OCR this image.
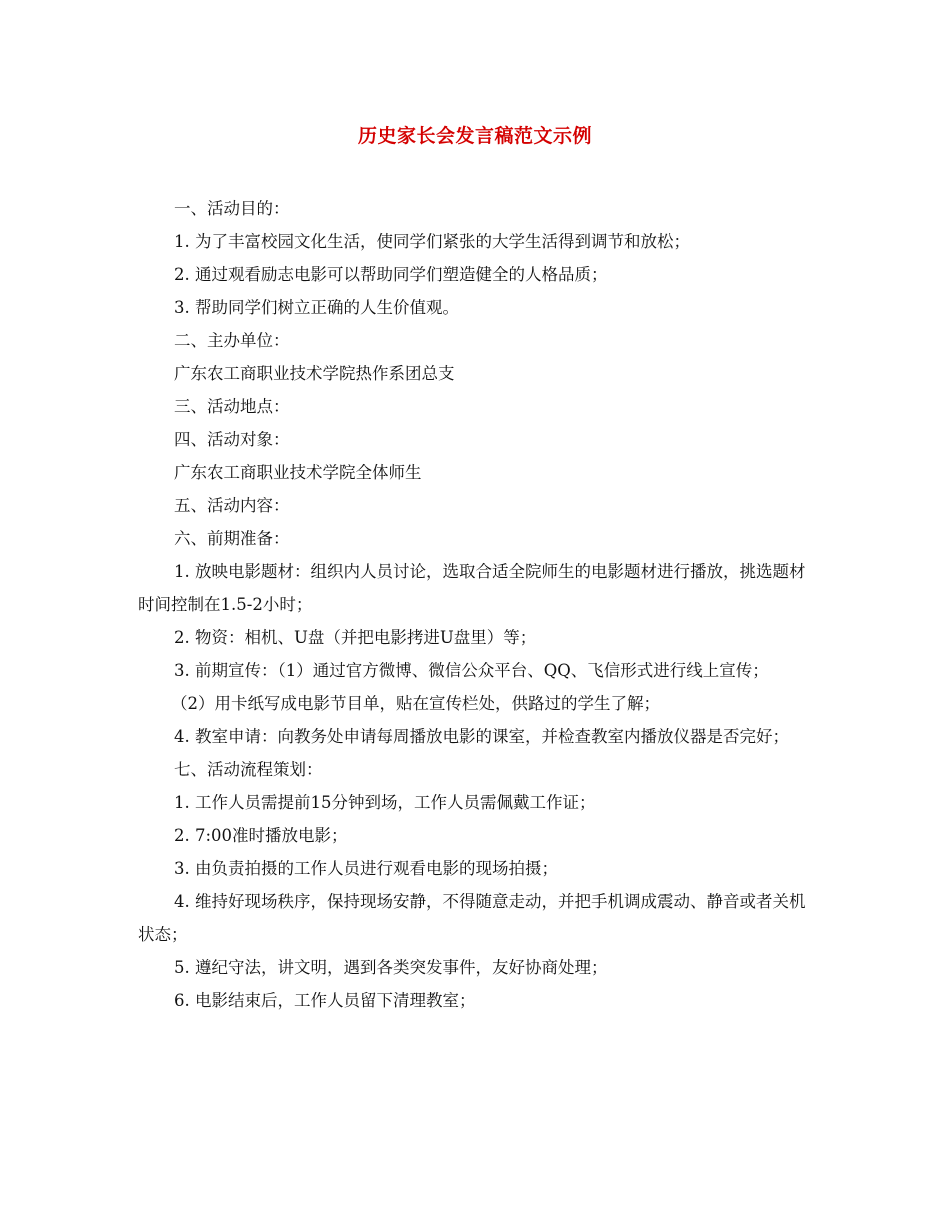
历史家长会发言稿范文示例

一、活动目的：

1. 为了丰富校园文化生活，使同学们紧张的大学生活得到调节和放松；

2. 通过观看励志电影可以帮助同学们塑造健全的人格品质；

3. 帮助同学们树立正确的人生价值观。

二、主办单位：

广东农工商职业技术学院热作系团总支

三、活动地点：

四、活动对象：

广东农工商职业技术学院全体师生

五、活动内容：

六、前期准备：

1. 放映电影题材：组织内人员讨论，选取合适全院师生的电影题材进行播放，挑选题材时间控制在1.5-2小时；

2. 物资：相机、U盘（并把电影拷进U盘里）等；

3. 前期宣传：（1）通过官方微博、微信公众平台、QQ、飞信形式进行线上宣传；

（2）用卡纸写成电影节目单，贴在宣传栏处，供路过的学生了解；

4. 教室申请：向教务处申请每周播放电影的课室，并检查教室内播放仪器是否完好；

七、活动流程策划：

1. 工作人员需提前15分钟到场，工作人员需佩戴工作证；

2. 7:00准时播放电影；

3. 由负责拍摄的工作人员进行观看电影的现场拍摄；

4. 维持好现场秩序，保持现场安静，不得随意走动，并把手机调成震动、静音或者关机状态；

5. 遵纪守法，讲文明，遇到各类突发事件，友好协商处理；

6. 电影结束后，工作人员留下清理教室；
